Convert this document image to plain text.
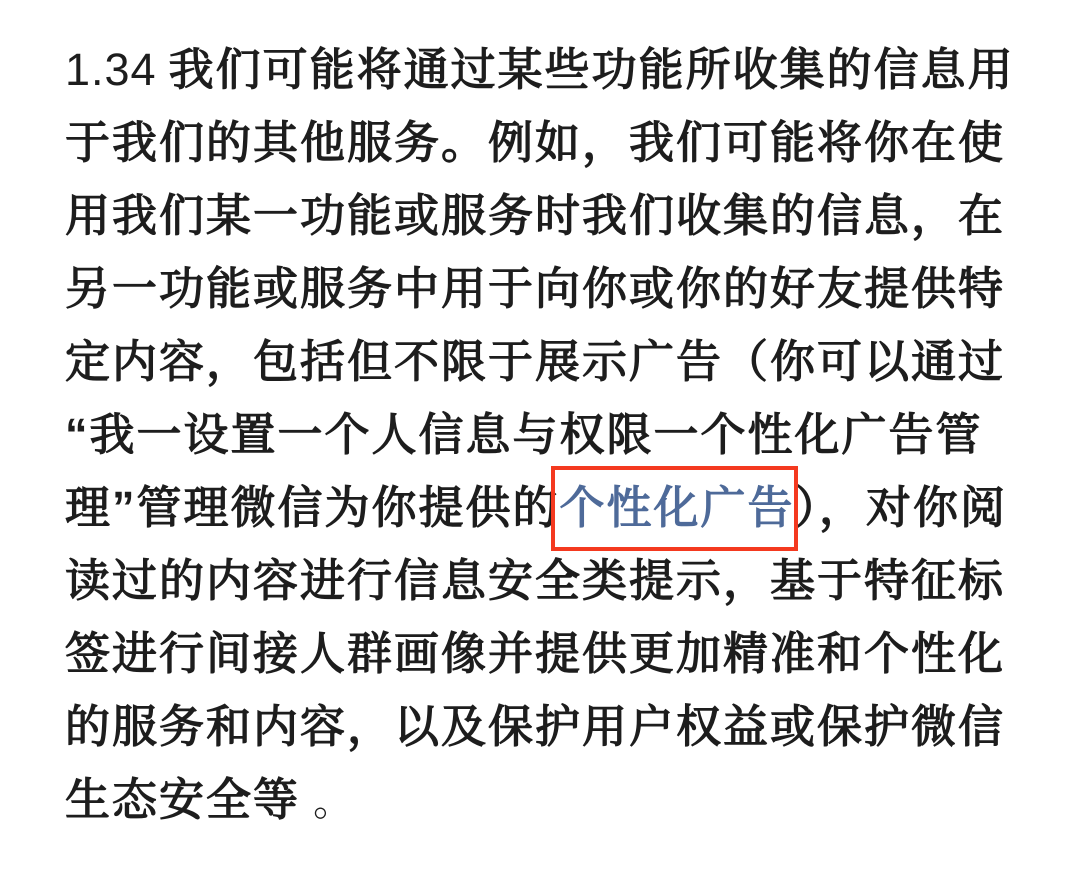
1.34 我们可能将通过某些功能所收集的信息用
于我们的其他服务。例如，我们可能将你在使
用我们某一功能或服务时我们收集的信息，在
另一功能或服务中用于向你或你的好友提供特
定内容，包括但不限于展示广告（你可以通过
“我一设置一个人信息与权限一个性化广告管
理”管理微信为你提供的个性化广告），对你阅
读过的内容进行信息安全类提示，基于特征标
签进行间接人群画像并提供更加精准和个性化
的服务和内容，以及保护用户权益或保护微信
生态安全等 。
